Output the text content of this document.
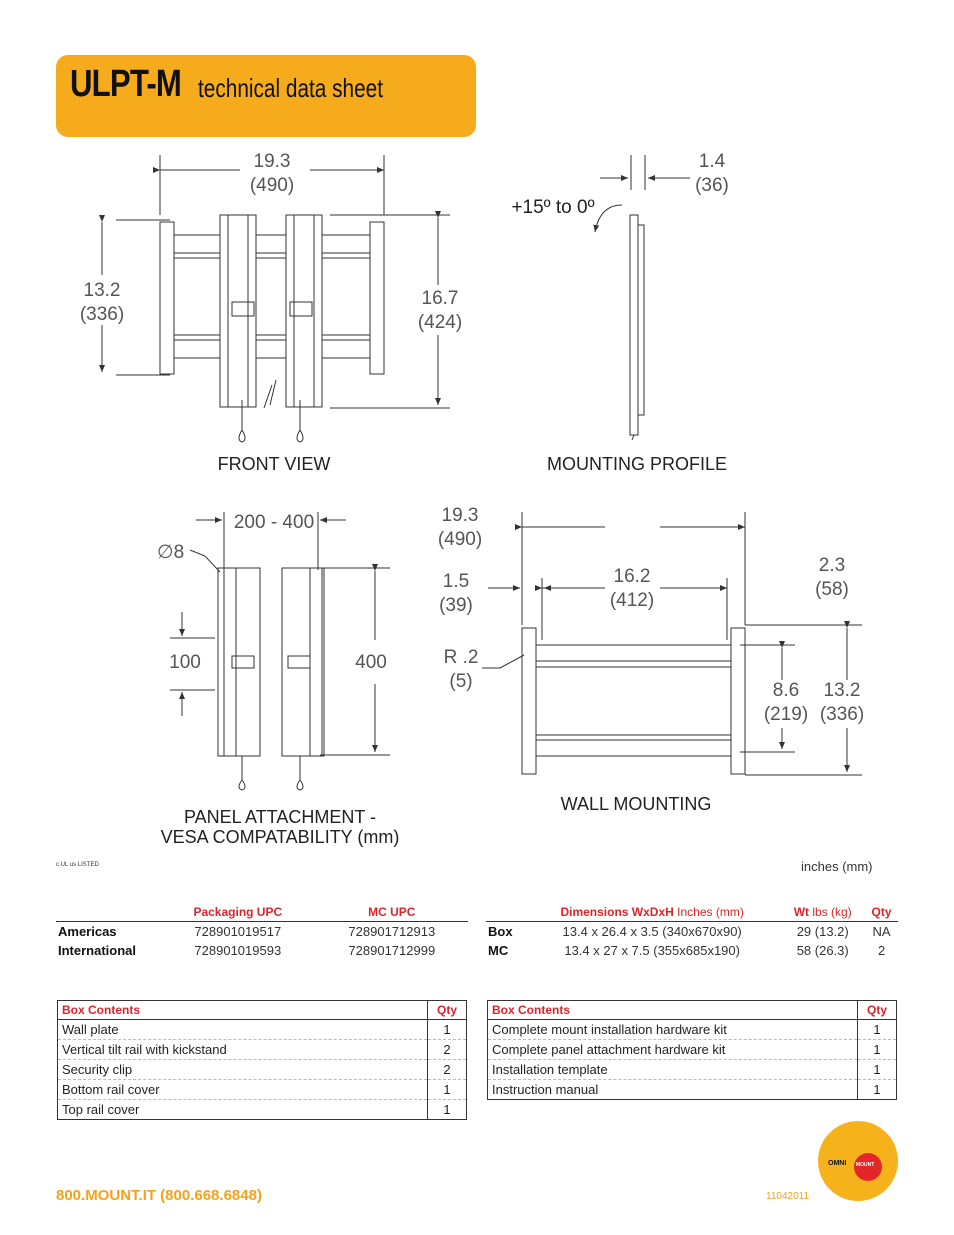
ULPT-M technical data sheet
19.3
(490)
13.2
(336)
16.7
(424)
FRONT VIEW
1.4
(36)
+15º to 0º
MOUNTING PROFILE
200 - 400
∅8
100	400
PANEL ATTACHMENT -
VESA COMPATABILITY (mm)
19.3
(490)
16.2
(412)
1.5
(39)
R .2
(5)
2.3
(58)
8.6
(219)
13.2
(336)
WALL MOUNTING
c UL us LISTED	inches (mm)
	Packaging UPC	MC UPC
Americas	728901019517	728901712913
International	728901019593	728901712999
	Dimensions WxDxH Inches (mm)	Wt lbs (kg)	Qty
Box	13.4 x 26.4 x 3.5 (340x670x90)	29 (13.2)	NA
MC	13.4 x 27 x 7.5 (355x685x190)	58 (26.3)	2
Box Contents	Qty
Wall plate	1
Vertical tilt rail with kickstand	2
Security clip	2
Bottom rail cover	1
Top rail cover	1
Box Contents	Qty
Complete mount installation hardware kit	1
Complete panel attachment hardware kit	1
Installation template	1
Instruction manual	1
800.MOUNT.IT (800.668.6848)	11042011
OMNI MOUNT
